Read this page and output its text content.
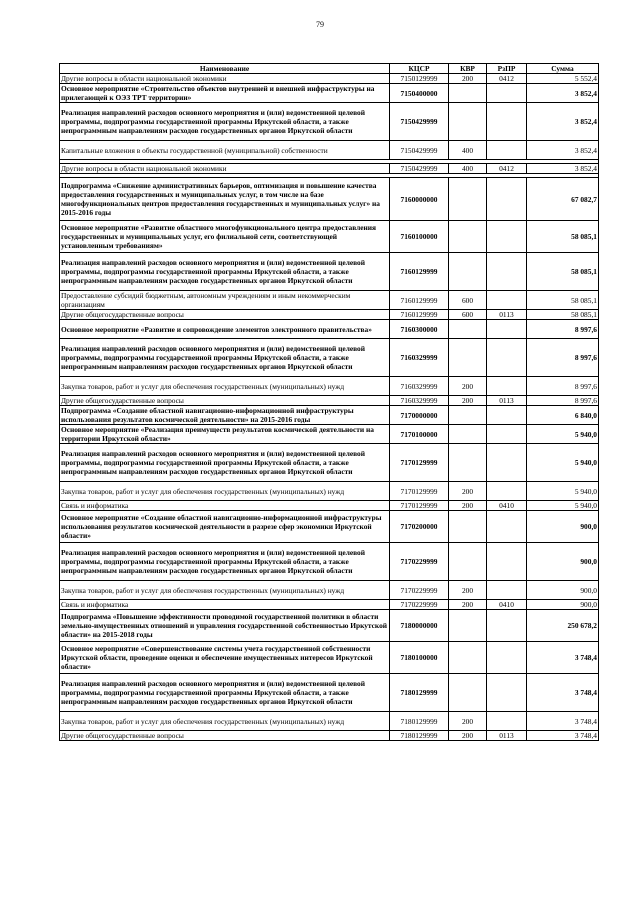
79
Наименование	КЦСР	КВР	РзПР	Сумма
Другие вопросы в области национальной экономики	7150129999	200	0412	5 552,4
Основное мероприятие «Строительство объектов внутренней и внешней инфраструктуры на прилегающей к ОЭЗ ТРТ территории»	7150400000			3 852,4
Реализация направлений расходов основного мероприятия и (или) ведомственной целевой программы, подпрограммы государственной программы Иркутской области, а также непрограммным направлениям расходов государственных органов Иркутской области	7150429999			3 852,4
Капитальные вложения в объекты государственной (муниципальной) собственности	7150429999	400		3 852,4

Другие вопросы в области национальной экономики	7150429999	400	0412	3 852,4

Подпрограмма «Снижение административных барьеров, оптимизация и повышение качества предоставления государственных и муниципальных услуг, в том числе на базе многофункциональных центров предоставления государственных и муниципальных услуг» на 2015-2016 годы	7160000000			67 082,7
Основное мероприятие «Развитие областного многофункционального центра предоставления государственных и муниципальных услуг, его филиальной сети, соответствующей установленным требованиям»	7160100000			58 085,1
Реализация направлений расходов основного мероприятия и (или) ведомственной целевой программы, подпрограммы государственной программы Иркутской области, а также непрограммным направлениям расходов государственных органов Иркутской области	7160129999			58 085,1
Предоставление субсидий бюджетным, автономным учреждениям и иным некоммерческим организациям	7160129999	600		58 085,1
Другие общегосударственные вопросы	7160129999	600	0113	58 085,1
Основное мероприятие «Развитие и сопровождение элементов электронного правительства»	7160300000			8 997,6
Реализация направлений расходов основного мероприятия и (или) ведомственной целевой программы, подпрограммы государственной программы Иркутской области, а также непрограммным направлениям расходов государственных органов Иркутской области	7160329999			8 997,6
Закупка товаров, работ и услуг для обеспечения государственных (муниципальных) нужд	7160329999	200		8 997,6
Другие общегосударственные вопросы	7160329999	200	0113	8 997,6
Подпрограмма «Создание областной навигационно-информационной инфраструктуры использования результатов космической деятельности» на 2015-2016 годы	7170000000			6 840,0
Основное мероприятие «Реализация преимуществ результатов космической деятельности на территории Иркутской области»	7170100000			5 940,0
Реализация направлений расходов основного мероприятия и (или) ведомственной целевой программы, подпрограммы государственной программы Иркутской области, а также непрограммным направлениям расходов государственных органов Иркутской области	7170129999			5 940,0
Закупка товаров, работ и услуг для обеспечения государственных (муниципальных) нужд	7170129999	200		5 940,0
Связь и информатика	7170129999	200	0410	5 940,0
Основное мероприятие «Создание областной навигационно-информационной инфраструктуры использования результатов космической деятельности в разрезе сфер экономики Иркутской области»	7170200000			900,0
Реализация направлений расходов основного мероприятия и (или) ведомственной целевой программы, подпрограммы государственной программы Иркутской области, а также непрограммным направлениям расходов государственных органов Иркутской области	7170229999			900,0
Закупка товаров, работ и услуг для обеспечения государственных (муниципальных) нужд	7170229999	200		900,0
Связь и информатика	7170229999	200	0410	900,0
Подпрограмма «Повышение эффективности проводимой государственной политики в области земельно-имущественных отношений и управления государственной собственностью Иркутской области» на 2015-2018 годы	7180000000			250 678,2
Основное мероприятие «Совершенствование системы учета государственной собственности Иркутской области, проведение оценки и обеспечение имущественных интересов Иркутской области»	7180100000			3 748,4
Реализация направлений расходов основного мероприятия и (или) ведомственной целевой программы, подпрограммы государственной программы Иркутской области, а также непрограммным направлениям расходов государственных органов Иркутской области	7180129999			3 748,4
Закупка товаров, работ и услуг для обеспечения государственных (муниципальных) нужд	7180129999	200		3 748,4
Другие общегосударственные вопросы	7180129999	200	0113	3 748,4
